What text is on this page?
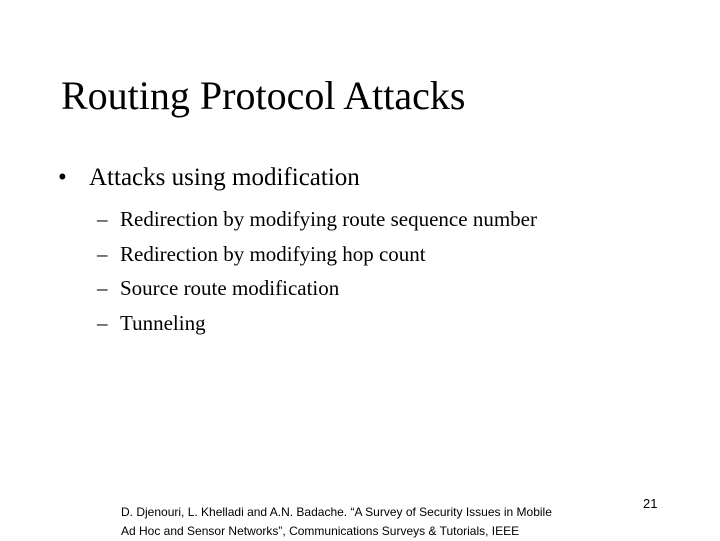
Routing Protocol Attacks
• Attacks using modification
– Redirection by modifying route sequence number
– Redirection by modifying hop count
– Source route modification
– Tunneling
D. Djenouri, L. Khelladi and A.N. Badache. “A Survey of Security Issues in Mobile
Ad Hoc and Sensor Networks”, Communications Surveys & Tutorials, IEEE
21
